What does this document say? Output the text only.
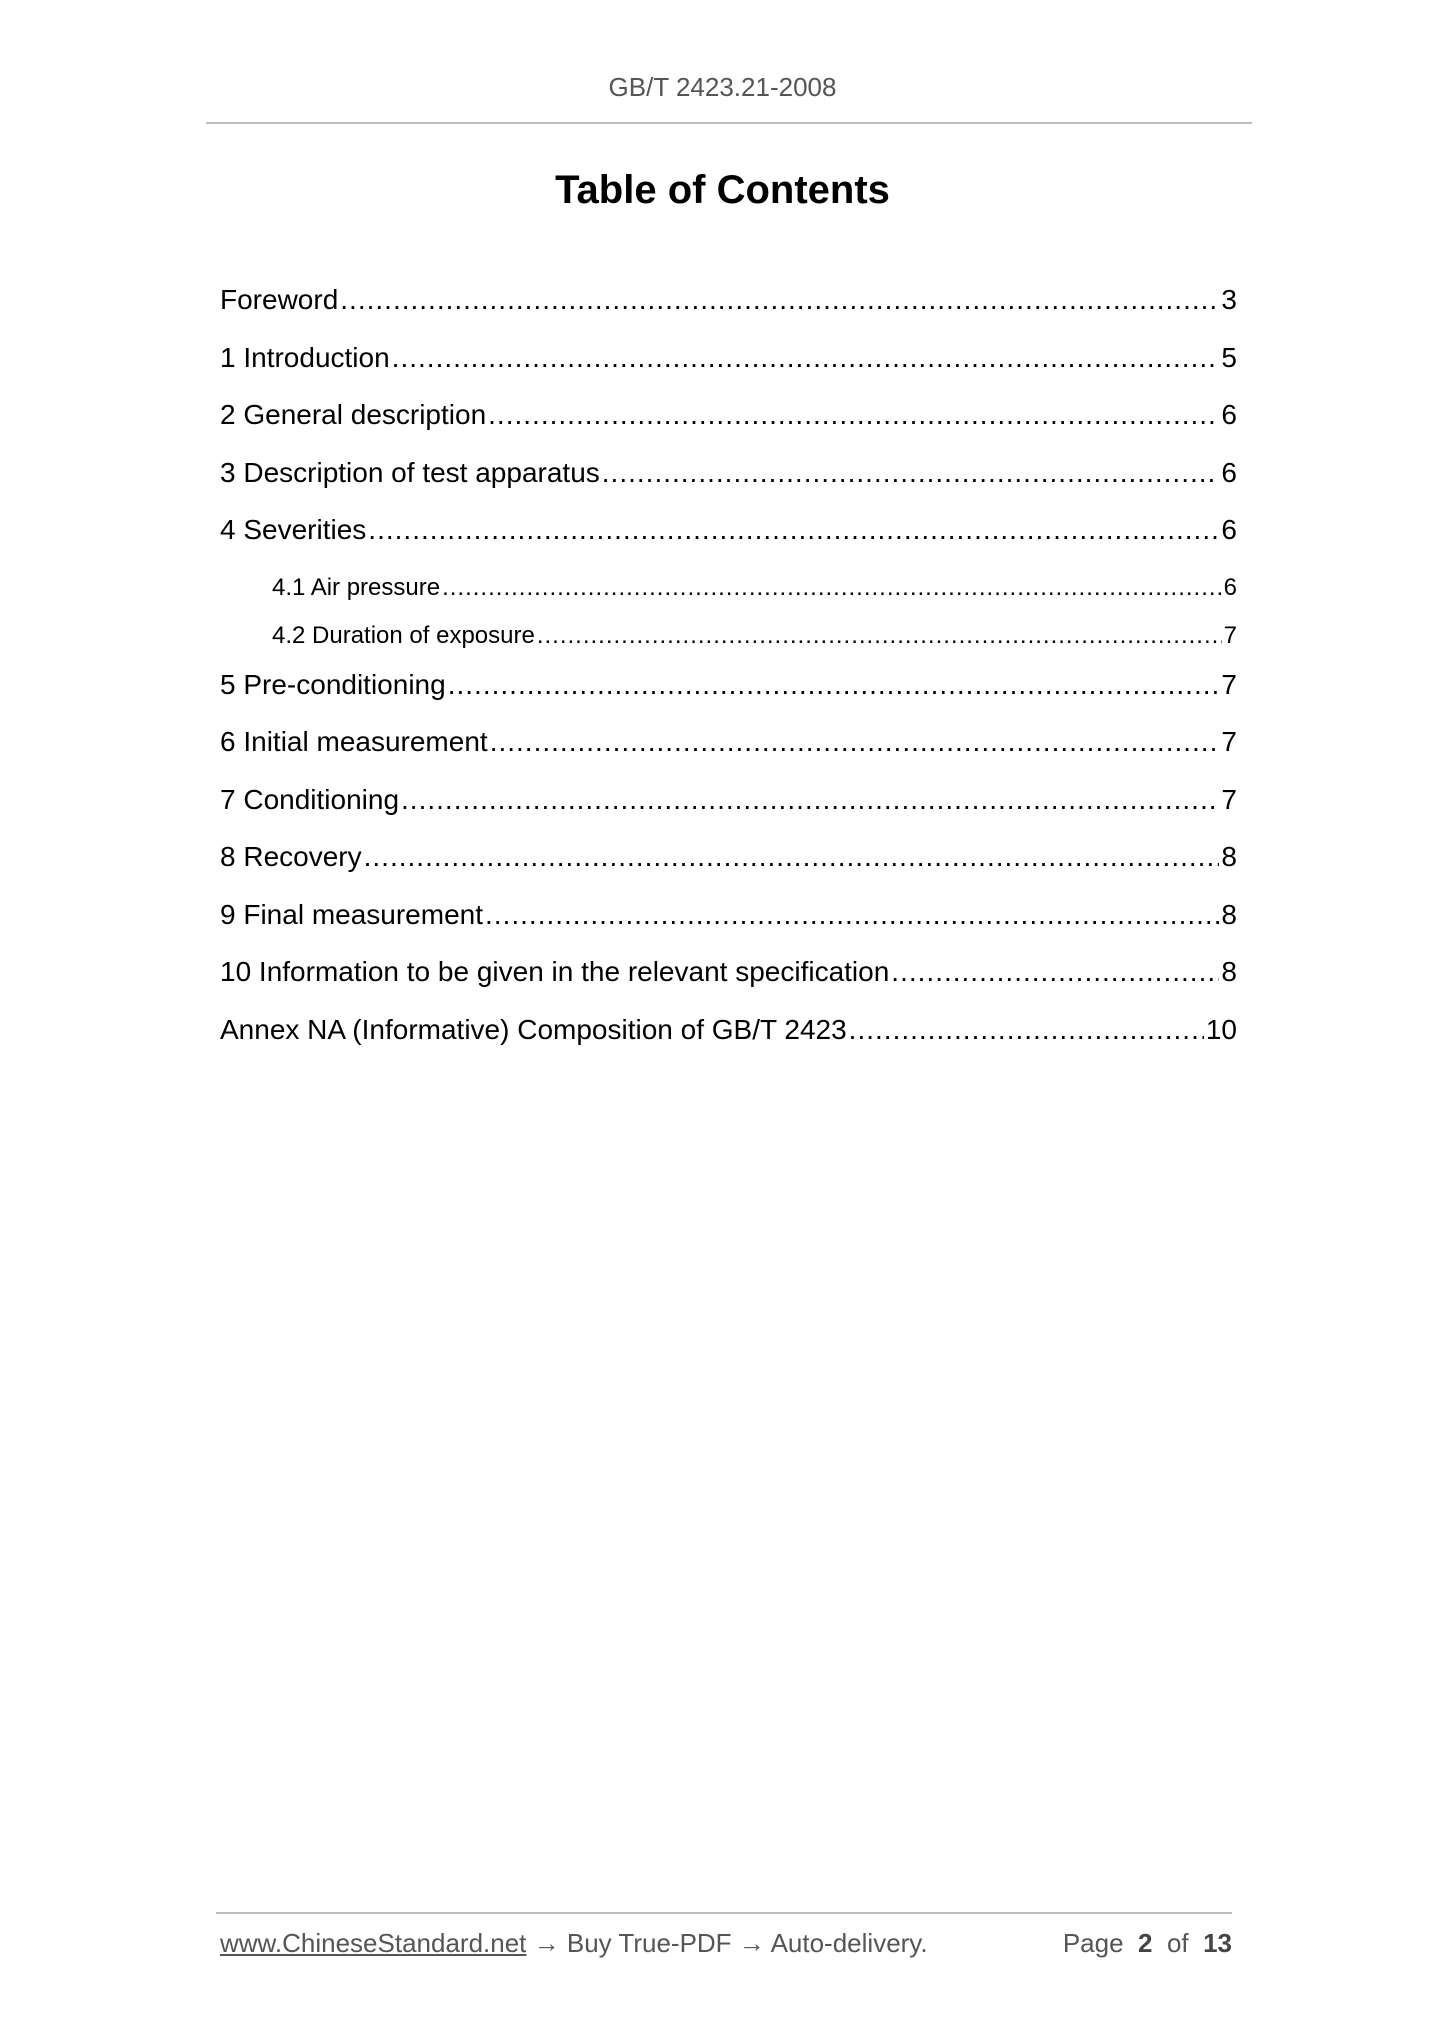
GB/T 2423.21-2008
Table of Contents
Foreword .....	3
1 Introduction .....	5
2 General description .....	6
3 Description of test apparatus .....	6
4 Severities .....	6
4.1 Air pressure .....	6
4.2 Duration of exposure .....	7
5 Pre-conditioning .....	7
6 Initial measurement .....	7
7 Conditioning .....	7
8 Recovery .....	8
9 Final measurement .....	8
10 Information to be given in the relevant specification .....	8
Annex NA (Informative) Composition of GB/T 2423 .....	10
www.ChineseStandard.net → Buy True-PDF → Auto-delivery.	Page 2 of 13
